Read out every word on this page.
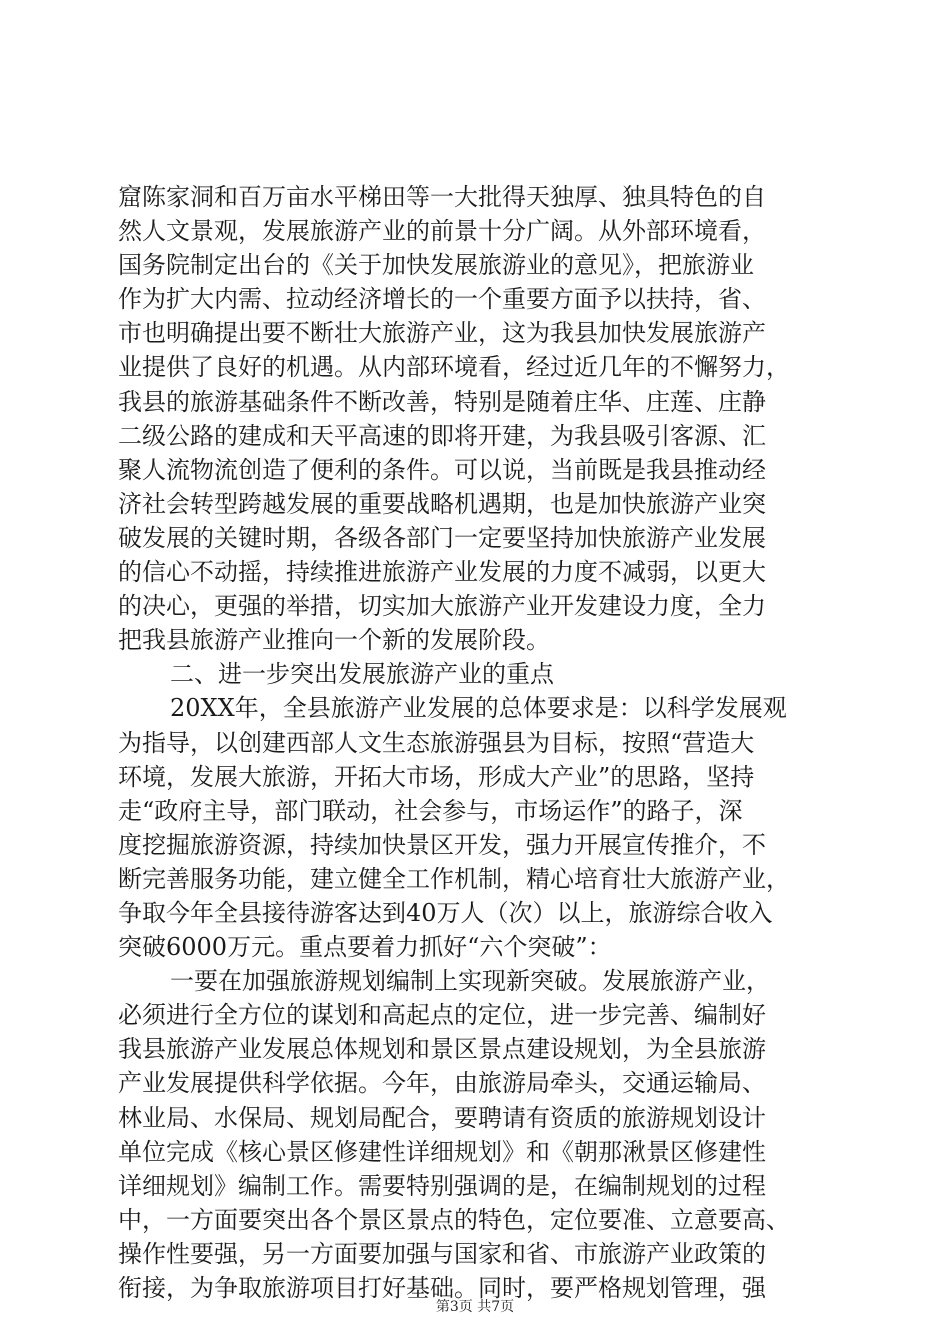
窟陈家洞和百万亩水平梯田等一大批得天独厚、独具特色的自
然人文景观，发展旅游产业的前景十分广阔。从外部环境看，
国务院制定出台的《关于加快发展旅游业的意见》，把旅游业
作为扩大内需、拉动经济增长的一个重要方面予以扶持，省、
市也明确提出要不断壮大旅游产业，这为我县加快发展旅游产
业提供了良好的机遇。从内部环境看，经过近几年的不懈努力，
我县的旅游基础条件不断改善，特别是随着庄华、庄莲、庄静
二级公路的建成和天平高速的即将开建，为我县吸引客源、汇
聚人流物流创造了便利的条件。可以说，当前既是我县推动经
济社会转型跨越发展的重要战略机遇期，也是加快旅游产业突
破发展的关键时期，各级各部门一定要坚持加快旅游产业发展
的信心不动摇，持续推进旅游产业发展的力度不减弱，以更大
的决心，更强的举措，切实加大旅游产业开发建设力度，全力
把我县旅游产业推向一个新的发展阶段。
二、进一步突出发展旅游产业的重点
20XX年，全县旅游产业发展的总体要求是：以科学发展观
为指导，以创建西部人文生态旅游强县为目标，按照“营造大
环境，发展大旅游，开拓大市场，形成大产业”的思路，坚持
走“政府主导，部门联动，社会参与，市场运作”的路子，深
度挖掘旅游资源，持续加快景区开发，强力开展宣传推介，不
断完善服务功能，建立健全工作机制，精心培育壮大旅游产业，
争取今年全县接待游客达到40万人（次）以上，旅游综合收入
突破6000万元。重点要着力抓好“六个突破”：
一要在加强旅游规划编制上实现新突破。发展旅游产业，
必须进行全方位的谋划和高起点的定位，进一步完善、编制好
我县旅游产业发展总体规划和景区景点建设规划，为全县旅游
产业发展提供科学依据。今年，由旅游局牵头，交通运输局、
林业局、水保局、规划局配合，要聘请有资质的旅游规划设计
单位完成《核心景区修建性详细规划》和《朝那湫景区修建性
详细规划》编制工作。需要特别强调的是，在编制规划的过程
中，一方面要突出各个景区景点的特色，定位要准、立意要高、
操作性要强，另一方面要加强与国家和省、市旅游产业政策的
衔接，为争取旅游项目打好基础。同时，要严格规划管理，强
第3页 共7页
